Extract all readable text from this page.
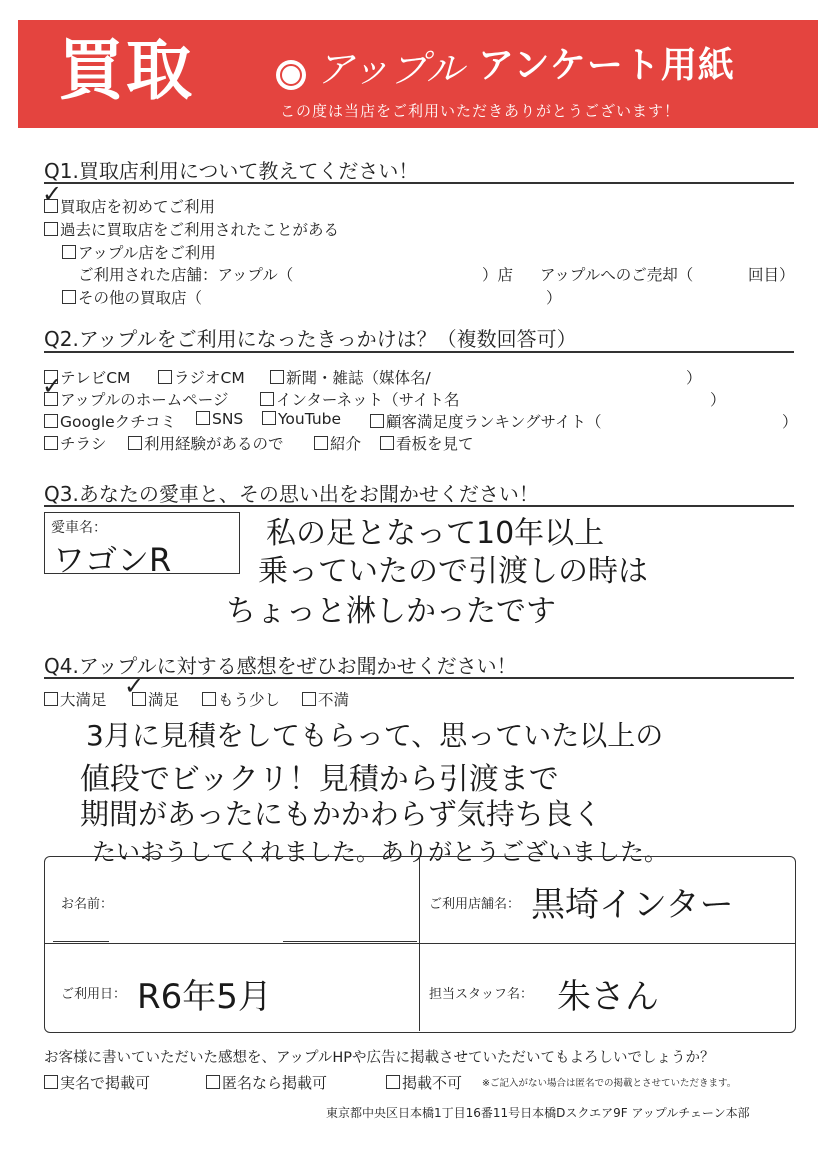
買取	アップル アンケート用紙
この度は当店をご利用いただきありがとうございます！
Q1.買取店利用について教えてください！
買取店を初めてご利用
✓
過去に買取店をご利用されたことがある
アップル店をご利用
ご利用された店舗：アップル（	）店 アップルへのご売却（	回目）
その他の買取店（	）
Q2.アップルをご利用になったきっかけは？（複数回答可）
テレビCM	ラジオCM	新聞・雑誌（媒体名/	）
アップルのホームページ
✓	インターネット（サイト名	）
Googleクチコミ	SNS	YouTube	顧客満足度ランキングサイト（	）
チラシ	利用経験があるので	紹介	看板を見て
Q3.あなたの愛車と、その思い出をお聞かせください！
愛車名：
ワゴンR
私の足となって10年以上
乗っていたので引渡しの時は
ちょっと淋しかったです
Q4.アップルに対する感想をぜひお聞かせください！
大満足	満足
✓	もう少し	不満
3月に見積をしてもらって、思っていた以上の
値段でビックリ！見積から引渡まで
期間があったにもかかわらず気持ち良く
たいおうしてくれました。ありがとうございました。
お名前：	ご利用店舗名： 黒埼インター
ご利用日： R6年5月	担当スタッフ名： 朱さん
お客様に書いていただいた感想を、アップルHPや広告に掲載させていただいてもよろしいでしょうか？
実名で掲載可	匿名なら掲載可	掲載不可 ※ご記入がない場合は匿名での掲載とさせていただきます。
東京都中央区日本橋1丁目16番11号日本橋Dスクエア9F アップルチェーン本部
